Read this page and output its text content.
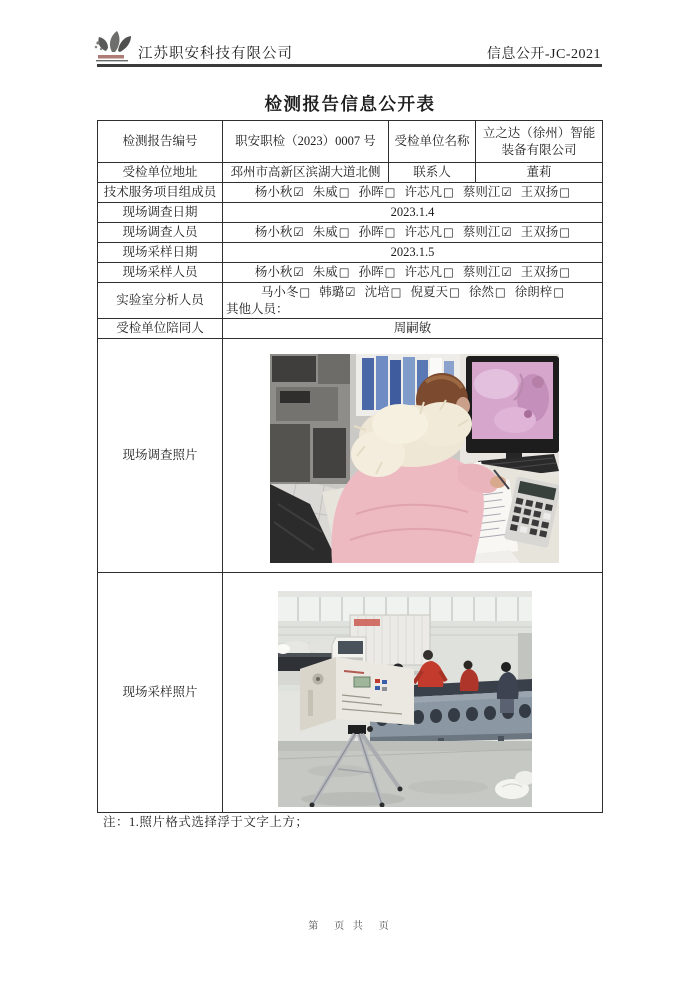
江苏职安科技有限公司	信息公开-JC-2021
检测报告信息公开表
检测报告编号	职安职检（2023）0007 号	受检单位名称	立之达（徐州）智能装备有限公司
受检单位地址	邳州市高新区滨湖大道北侧	联系人	董莉
技术服务项目组成员	杨小秋☑ 朱威□ 孙晖□ 许芯凡□ 蔡则江☑ 王双扬□		
现场调查日期	2023.1.4		
现场调查人员	杨小秋☑ 朱威□ 孙晖□ 许芯凡□ 蔡则江☑ 王双扬□		
现场采样日期	2023.1.5		
现场采样人员	杨小秋☑ 朱威□ 孙晖□ 许芯凡□ 蔡则江☑ 王双扬□		
实验室分析人员	马小冬□ 韩璐☑ 沈培□ 倪夏天□ 徐然□ 徐朗梓□
其他人员：		

受检单位陪同人	周嗣敏		
现场调查照片	

现场采样照片	
注：1.照片格式选择浮于文字上方；
第　页 共　页
